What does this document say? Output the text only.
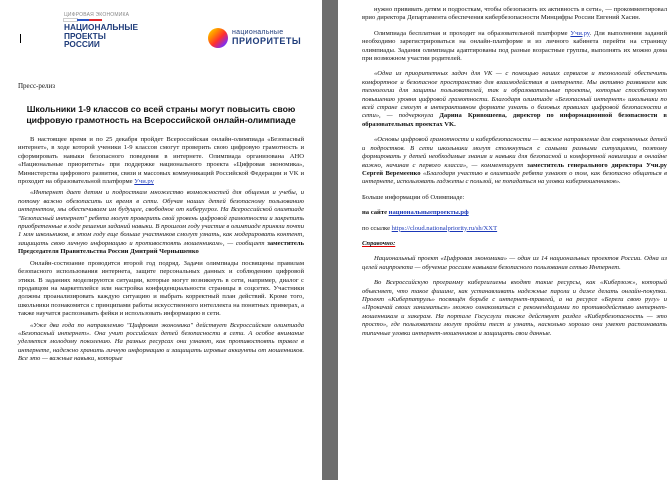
ЦИФРОВАЯ ЭКОНОМИКА
НАЦИОНАЛЬНЫЕ
ПРОЕКТЫ
РОССИИ
национальные
ПРИОРИТЕТЫ
Пресс-релиз
Школьники 1-9 классов со всей страны могут повысить свою цифровую грамотность на Всероссийской онлайн-олимпиаде

В настоящее время и по 25 декабря пройдет Всероссийская онлайн-олимпиада «Безопасный интернет», в ходе которой ученики 1-9 классов смогут проверить свою цифровую грамотность и сформировать навыки безопасного поведения в интернете. Олимпиада организована АНО «Национальные приоритеты» при поддержке национального проекта «Цифровая экономика», Министерства цифрового развития, связи и массовых коммуникаций Российской Федерации и VK и проходит на образовательной платформе Учи.ру

«Интернет дает детям и подросткам множество возможностей для общения и учебы, и потому важно обезопасить их время в сети. Обучая наших детей безопасному пользованию интернетом, мы обеспечиваем им будущее, свободное от киберугроз. На Всероссийской олимпиаде "Безопасный интернет" ребята могут проверить свой уровень цифровой грамотности и закрепить приобретенные в ходе решения заданий навыки. В прошлом году участие в олимпиаде приняли почти 1 млн школьников, в этом году еще больше участников смогут узнать, как модерировать контент, защищать свою личную информацию и противостоять мошенникам», — сообщает заместитель Председателя Правительства России Дмитрий Чернышенко

Онлайн-состязание проводится второй год подряд. Задачи олимпиады посвящены правилам безопасного использования интернета, защите персональных данных и соблюдению цифровой этики. В заданиях моделируются ситуации, которые могут возникнуть в сети, например, диалог с продавцом на маркетплейсе или настройка конфиденциальности страницы в соцсетях. Участники должны проанализировать каждую ситуацию и выбрать корректный план действий. Кроме того, школьники познакомятся с принципами работы искусственного интеллекта на понятных примерах, а также научатся распознавать фейки и использовать информацию в сети.

«Уже два года по направлению "Цифровая экономика" действует Всероссийская олимпиада «Безопасный интернет». Она учит российских детей безопасности в сети. А особое внимание уделяется молодому поколению. На разных ресурсах они узнают, как противостоять травле в интернете, надежно хранить личную информацию и защищать игровые аккаунты от мошенников. Все это — важные навыки, которые

нужно прививать детям и подросткам, чтобы обезопасить их активность в сети», — прокомментировал врио директора Департамента обеспечения кибербезопасности Минцифры России Евгений Хасин.

Олимпиада бесплатная и проходит на образовательной платформе Учи.ру. Для выполнения заданий необходимо зарегистрироваться на онлайн-платформе и из личного кабинета перейти на страницу олимпиады. Задания олимпиады адаптированы под разные возрастные группы, выполнять их можно дома при возможном участии родителей.

«Одна из приоритетных задач для VK — с помощью наших сервисов и технологий обеспечить комфортное и безопасное пространство для взаимодействия в интернете. Мы активно развиваем как технологии для защиты пользователей, так и образовательные проекты, которые способствуют повышению уровня цифровой грамотности. Благодаря олимпиаде «Безопасный интернет» школьники по всей стране смогут в интерактивном формате узнать о базовых правилах цифровой безопасности в сети», — подчеркнула Дарина Кривошеева, директор по информационной безопасности в образовательных проектах VK.

«Основы цифровой грамотности и кибербезопасности — важное направление для современных детей и подростков. В сети школьники могут столкнуться с самыми разными ситуациями, поэтому формировать у детей необходимые знания и навыки для безопасной и комфортной навигации в онлайне важно, начиная с первого класса», — комментирует заместитель генерального директора Учи.ру Сергей Веремеенко «Благодаря участию в олимпиаде ребята узнают о том, как безопасно общаться в интернете, использовать гаджеты с пользой, не попадаться на уловки кибермошенников».

Больше информации об Олимпиаде:

на сайте национальныепроекты.рф

по ссылке https://cloud.nationalpriority.ru/sh/XXT

Справочно:

Национальный проект «Цифровая экономика» — один из 14 национальных проектов России. Одна из целей нацпроекта — обучение россиян навыкам безопасного пользования сетью Интернет.

Во Всероссийскую программу кибергигиены входят такие ресурсы, как «Киберзож», который объясняет, что такое фишинг, как устанавливать надежные пароли и даже делать онлайн-покупки. Проект «Киберпатруль» посвящён борьбе с интернет-травлей, а на ресурсе «Береги свою ругу» и «Прокачай своих заниматься» можно ознакомиться с рекомендациями по противодействию интернет-мошенникам и хакерам. На портале Госуслуги также действует раздел «Кибербезопасность — это просто», где пользователи могут пройти тест и узнать, насколько хорошо они умеют распознавать типичные уловки интернет-мошенников и защищать свои данные.
